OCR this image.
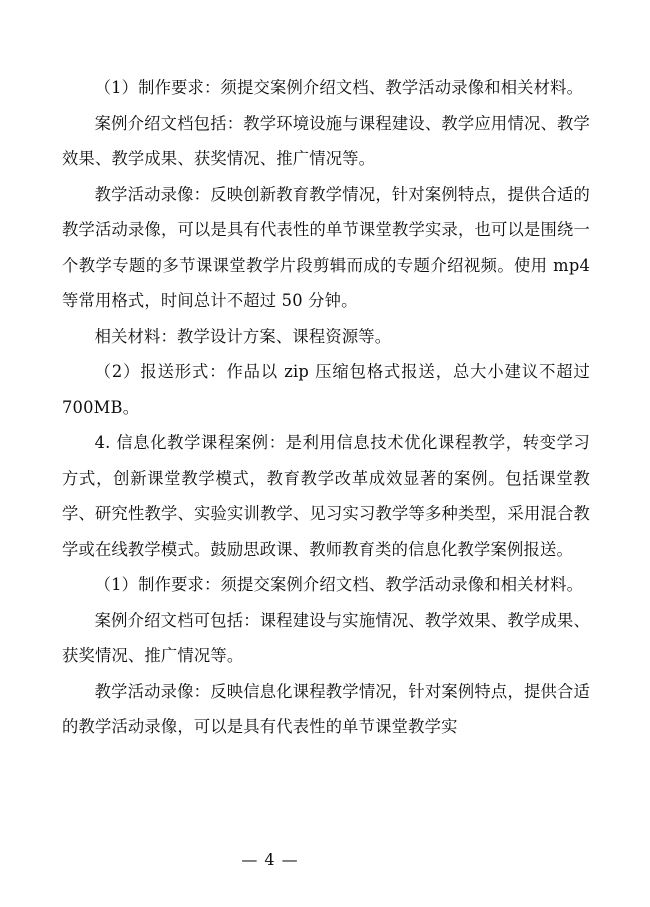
（1）制作要求：须提交案例介绍文档、教学活动录像和相关材料。

案例介绍文档包括：教学环境设施与课程建设、教学应用情况、教学效果、教学成果、获奖情况、推广情况等。

教学活动录像：反映创新教育教学情况，针对案例特点，提供合适的教学活动录像，可以是具有代表性的单节课堂教学实录，也可以是围绕一个教学专题的多节课课堂教学片段剪辑而成的专题介绍视频。使用 mp4 等常用格式，时间总计不超过 50 分钟。

相关材料：教学设计方案、课程资源等。

（2）报送形式：作品以 zip 压缩包格式报送，总大小建议不超过 700MB。

4. 信息化教学课程案例：是利用信息技术优化课程教学，转变学习方式，创新课堂教学模式，教育教学改革成效显著的案例。包括课堂教学、研究性教学、实验实训教学、见习实习教学等多种类型，采用混合教学或在线教学模式。鼓励思政课、教师教育类的信息化教学案例报送。

（1）制作要求：须提交案例介绍文档、教学活动录像和相关材料。

案例介绍文档可包括：课程建设与实施情况、教学效果、教学成果、获奖情况、推广情况等。

教学活动录像：反映信息化课程教学情况，针对案例特点，提供合适的教学活动录像，可以是具有代表性的单节课堂教学实

— 4 —
